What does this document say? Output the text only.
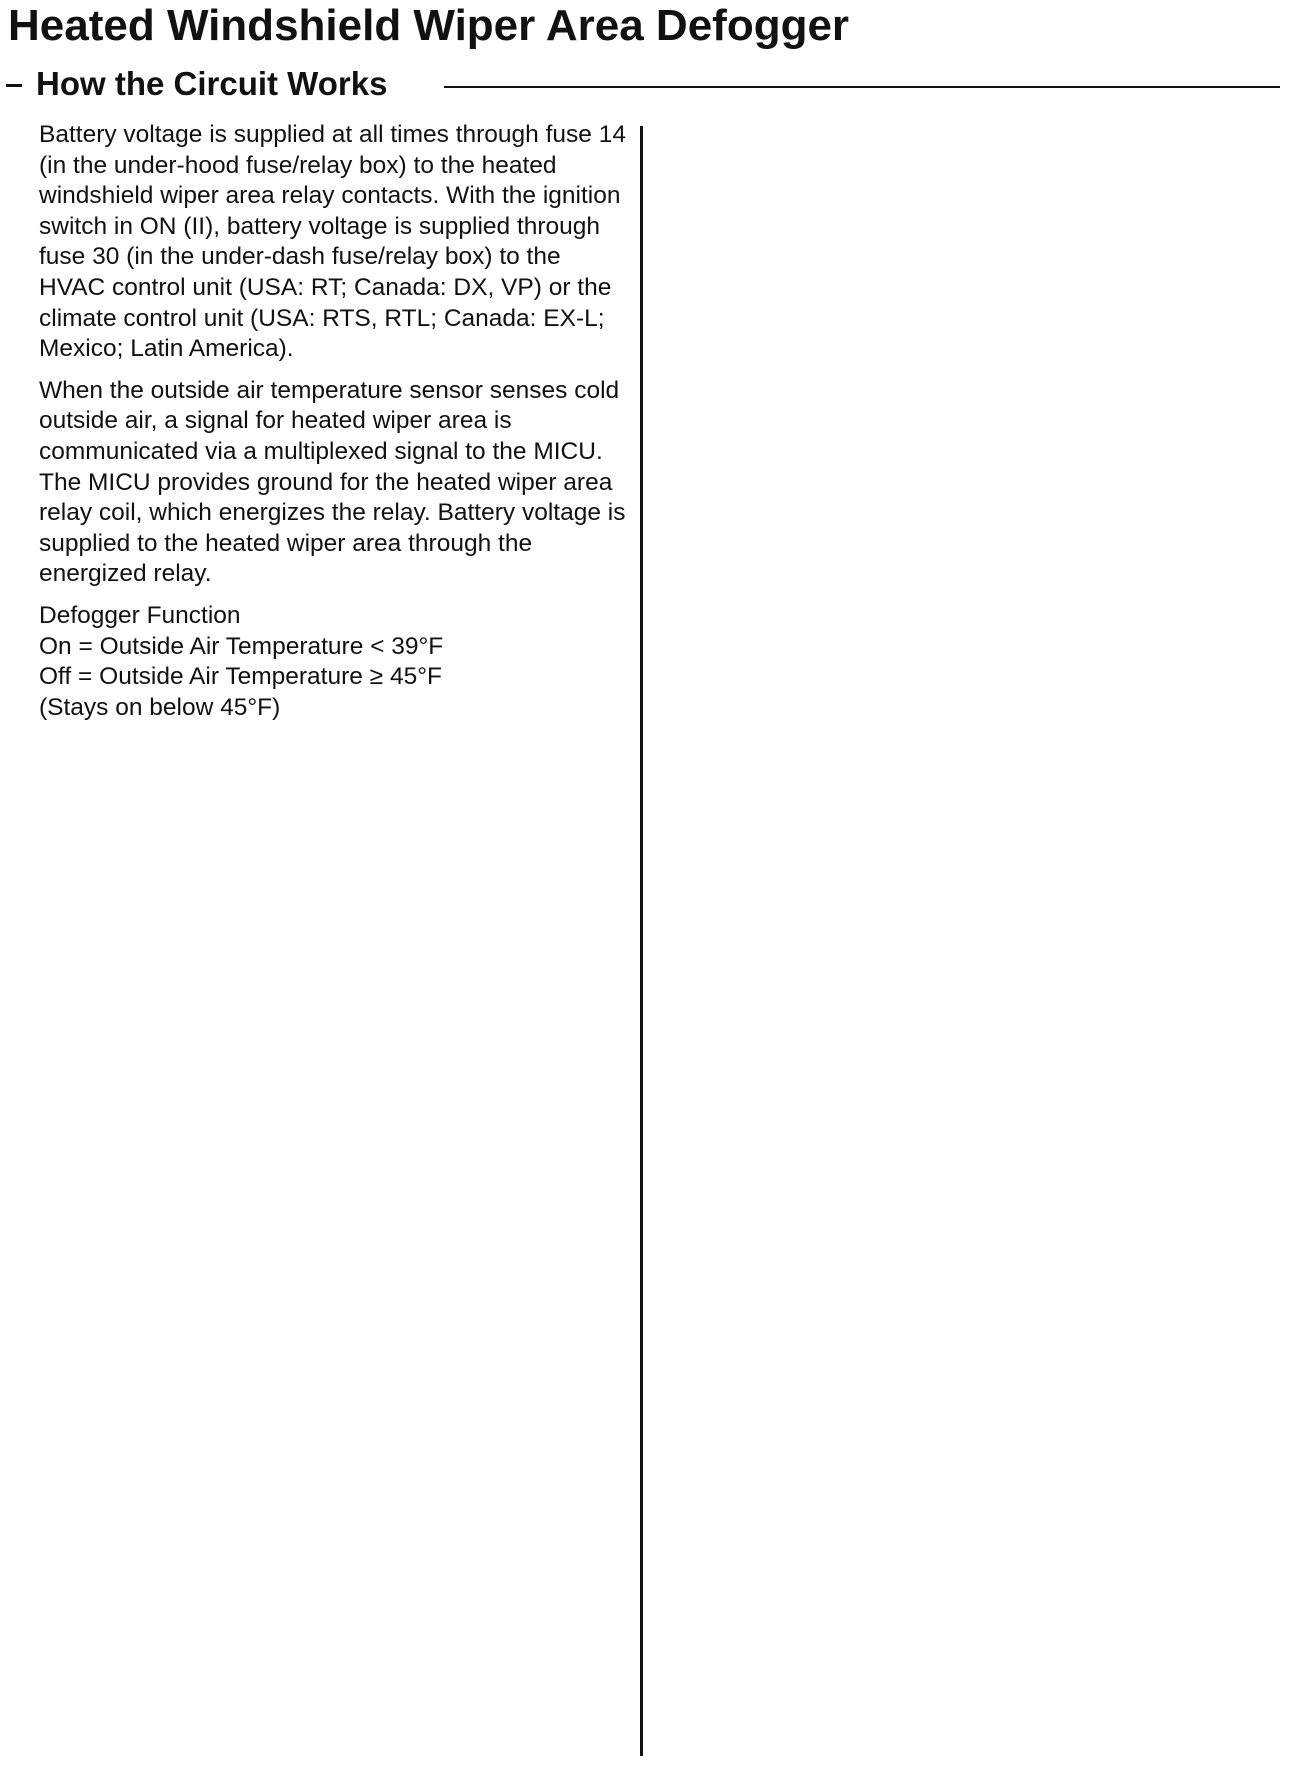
Heated Windshield Wiper Area Defogger
How the Circuit Works

Battery voltage is supplied at all times through fuse 14 (in the under-hood fuse/relay box) to the heated windshield wiper area relay contacts. With the ignition switch in ON (II), battery voltage is supplied through fuse 30 (in the under-dash fuse/relay box) to the HVAC control unit (USA: RT; Canada: DX, VP) or the climate control unit (USA: RTS, RTL; Canada: EX-L; Mexico; Latin America).

When the outside air temperature sensor senses cold outside air, a signal for heated wiper area is communicated via a multiplexed signal to the MICU. The MICU provides ground for the heated wiper area relay coil, which energizes the relay. Battery voltage is supplied to the heated wiper area through the energized relay.

Defogger Function
On = Outside Air Temperature < 39°F
Off = Outside Air Temperature ≥ 45°F
(Stays on below 45°F)
